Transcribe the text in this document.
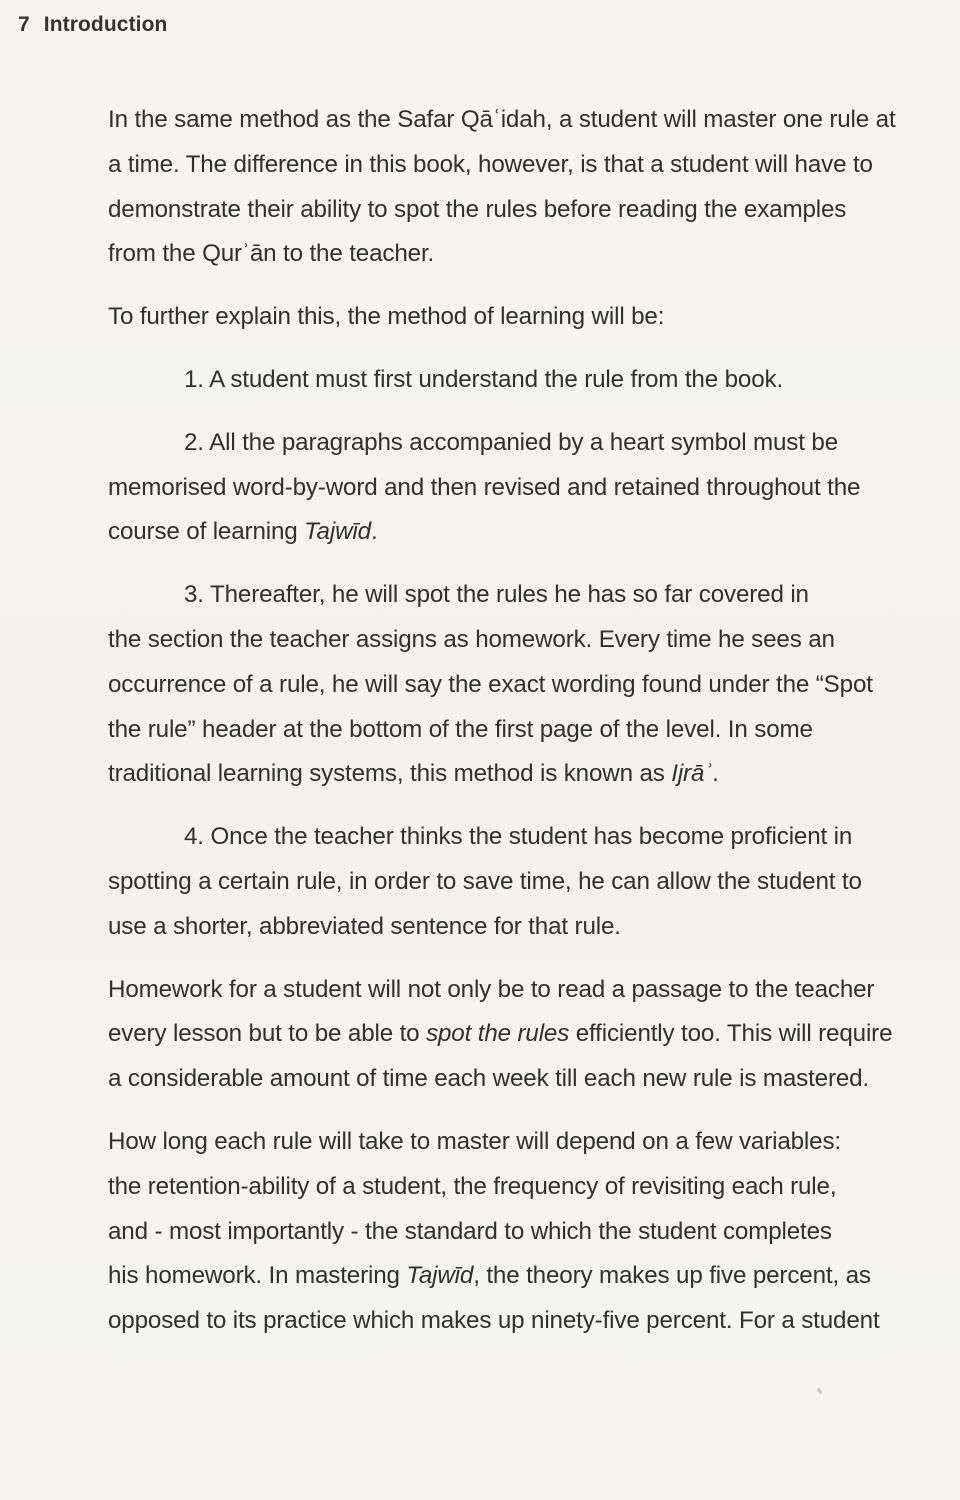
7 Introduction

In the same method as the Safar Qāʿidah, a student will master one rule at
a time. The difference in this book, however, is that a student will have to
demonstrate their ability to spot the rules before reading the examples
from the Qurʾān to the teacher.

To further explain this, the method of learning will be:

1. A student must first understand the rule from the book.

2. All the paragraphs accompanied by a heart symbol must be
memorised word-by-word and then revised and retained throughout the
course of learning Tajwīd.

3. Thereafter, he will spot the rules he has so far covered in
the section the teacher assigns as homework. Every time he sees an
occurrence of a rule, he will say the exact wording found under the “Spot
the rule” header at the bottom of the first page of the level. In some
traditional learning systems, this method is known as Ijrāʾ.

4. Once the teacher thinks the student has become proficient in
spotting a certain rule, in order to save time, he can allow the student to
use a shorter, abbreviated sentence for that rule.

Homework for a student will not only be to read a passage to the teacher
every lesson but to be able to spot the rules efficiently too. This will require
a considerable amount of time each week till each new rule is mastered.

How long each rule will take to master will depend on a few variables:
the retention-ability of a student, the frequency of revisiting each rule,
and - most importantly - the standard to which the student completes
his homework. In mastering Tajwīd, the theory makes up five percent, as
opposed to its practice which makes up ninety-five percent. For a student
